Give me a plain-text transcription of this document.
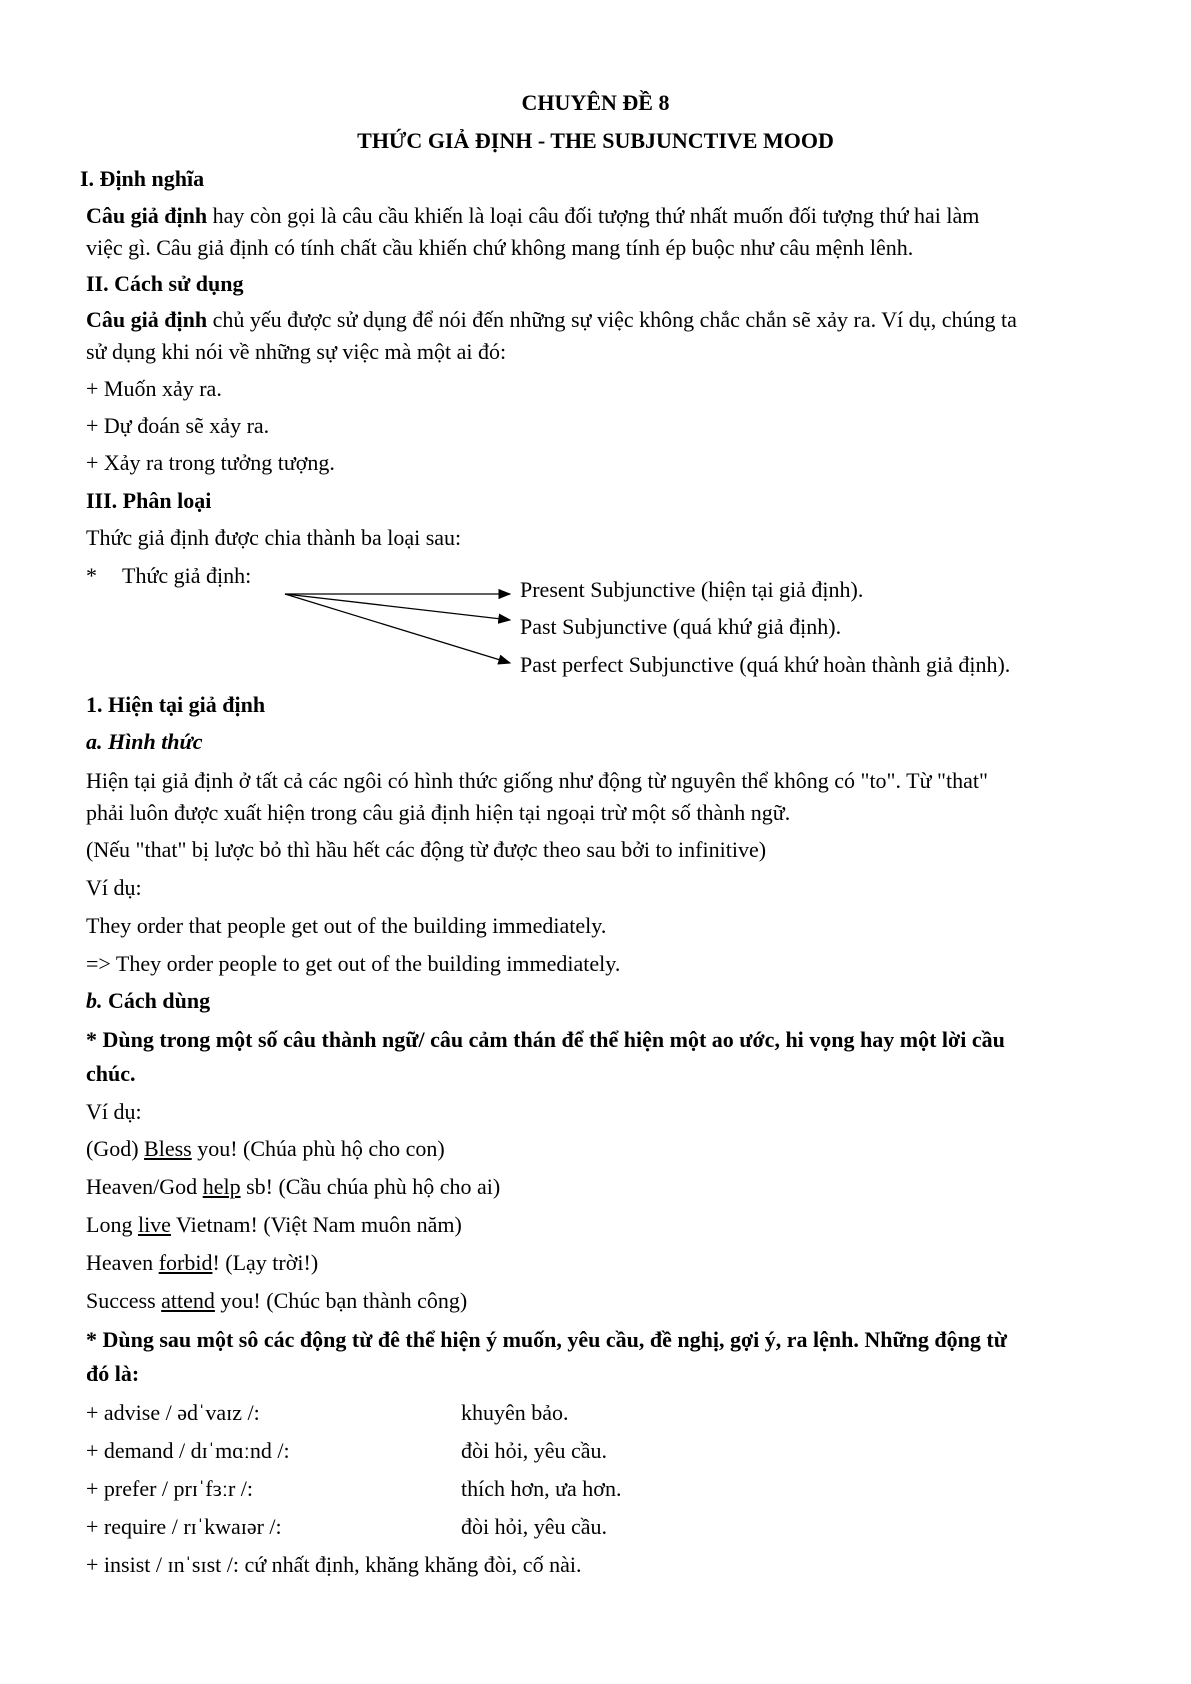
CHUYÊN ĐỀ 8
THỨC GIẢ ĐỊNH - THE SUBJUNCTIVE MOOD
I. Định nghĩa
Câu giả định hay còn gọi là câu cầu khiến là loại câu đối tượng thứ nhất muốn đối tượng thứ hai làm
việc gì. Câu giả định có tính chất cầu khiến chứ không mang tính ép buộc như câu mệnh lênh.
II. Cách sử dụng
Câu giả định chủ yếu được sử dụng để nói đến những sự việc không chắc chắn sẽ xảy ra. Ví dụ, chúng ta
sử dụng khi nói về những sự việc mà một ai đó:
+ Muốn xảy ra.
+ Dự đoán sẽ xảy ra.
+ Xảy ra trong tưởng tượng.
III. Phân loại
Thức giả định được chia thành ba loại sau:
* Thức giả định:
Present Subjunctive (hiện tại giả định).
Past Subjunctive (quá khứ giả định).
Past perfect Subjunctive (quá khứ hoàn thành giả định).
1. Hiện tại giả định
a. Hình thức
Hiện tại giả định ở tất cả các ngôi có hình thức giống như động từ nguyên thể không có "to". Từ "that"
phải luôn được xuất hiện trong câu giả định hiện tại ngoại trừ một số thành ngữ.
(Nếu "that" bị lược bỏ thì hầu hết các động từ được theo sau bởi to infinitive)
Ví dụ:
They order that people get out of the building immediately.
=> They order people to get out of the building immediately.
b. Cách dùng
* Dùng trong một số câu thành ngữ/ câu cảm thán để thể hiện một ao ước, hi vọng hay một lời cầu
chúc.
Ví dụ:
(God) Bless you! (Chúa phù hộ cho con)
Heaven/God help sb! (Cầu chúa phù hộ cho ai)
Long live Vietnam! (Việt Nam muôn năm)
Heaven forbid! (Lạy trời!)
Success attend you! (Chúc bạn thành công)
* Dùng sau một sô các động từ đê thể hiện ý muốn, yêu cầu, đề nghị, gợi ý, ra lệnh. Những động từ
đó là:
+ advise / ədˈvaɪz /:	khuyên bảo.
+ demand / dɪˈmɑːnd /:	đòi hỏi, yêu cầu.
+ prefer / prɪˈfɜːr /:	thích hơn, ưa hơn.
+ require / rɪˈkwaɪər /:	đòi hỏi, yêu cầu.
+ insist / ɪnˈsɪst /: cứ nhất định, khăng khăng đòi, cố nài.
